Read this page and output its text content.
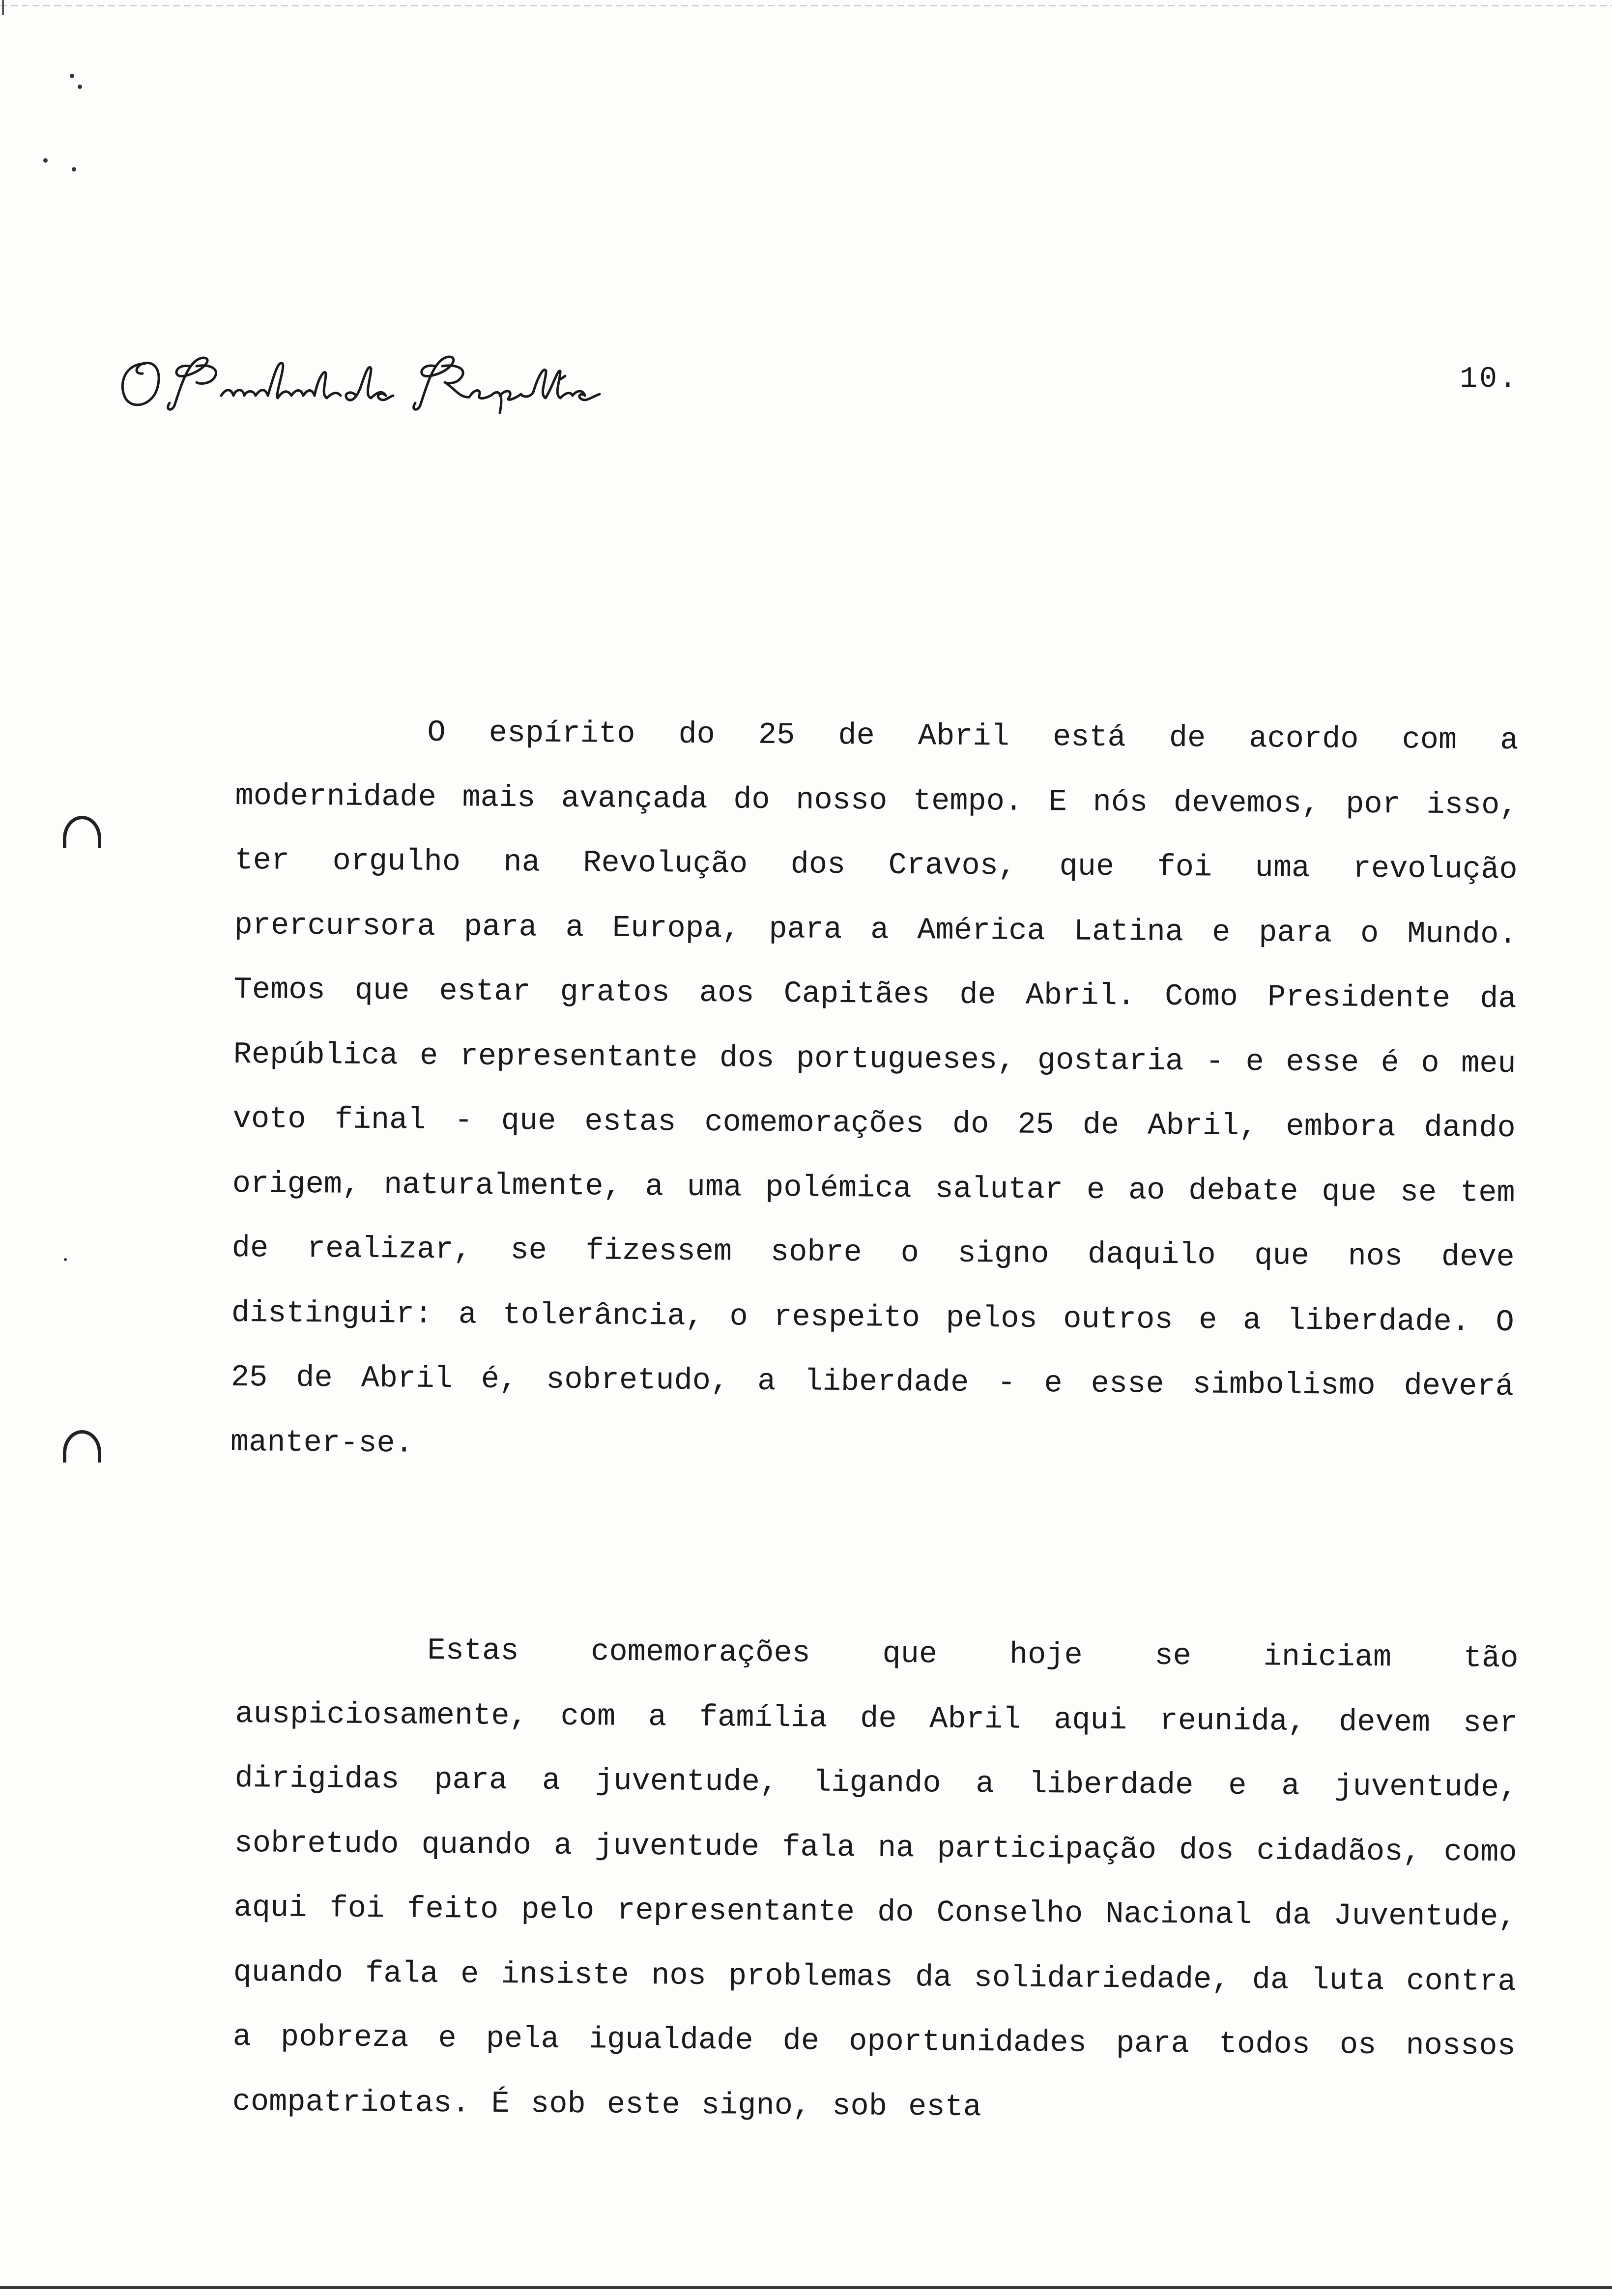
10.

O espírito do 25 de Abril está de acordo com a modernidade mais avançada do nosso tempo. E nós devemos, por isso, ter orgulho na Revolução dos Cravos, que foi uma revolução prercursora para a Europa, para a América Latina e para o Mundo. Temos que estar gratos aos Capitães de Abril. Como Presidente da República e representante dos portugueses, gostaria - e esse é o meu voto final - que estas comemorações do 25 de Abril, embora dando origem, naturalmente, a uma polémica salutar e ao debate que se tem de realizar, se fizessem sobre o signo daquilo que nos deve distinguir: a tolerância, o respeito pelos outros e a liberdade. O 25 de Abril é, sobretudo, a liberdade - e esse simbolismo deverá manter-se.

Estas comemorações que hoje se iniciam tão auspiciosamente, com a família de Abril aqui reunida, devem ser dirigidas para a juventude, ligando a liberdade e a juventude, sobretudo quando a juventude fala na participação dos cidadãos, como aqui foi feito pelo representante do Conselho Nacional da Juventude, quando fala e insiste nos problemas da solidariedade, da luta contra a pobreza e pela igualdade de oportunidades para todos os nossos compatriotas. É sob este signo, sob esta
